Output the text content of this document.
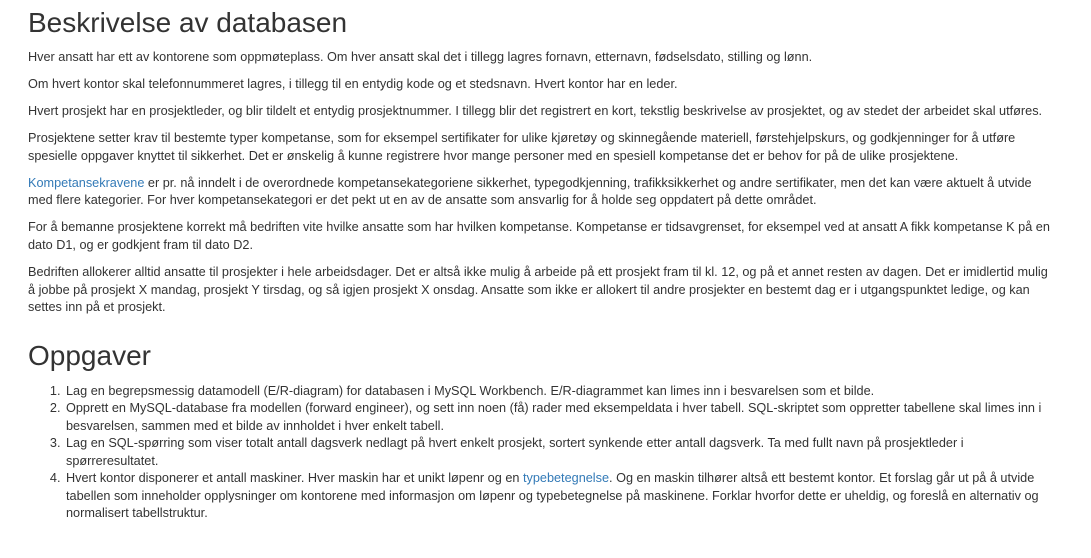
Beskrivelse av databasen

Hver ansatt har ett av kontorene som oppmøteplass. Om hver ansatt skal det i tillegg lagres fornavn, etternavn, fødselsdato, stilling og lønn.

Om hvert kontor skal telefonnummeret lagres, i tillegg til en entydig kode og et stedsnavn. Hvert kontor har en leder.

Hvert prosjekt har en prosjektleder, og blir tildelt et entydig prosjektnummer. I tillegg blir det registrert en kort, tekstlig beskrivelse av prosjektet, og av stedet der arbeidet skal utføres.

Prosjektene setter krav til bestemte typer kompetanse, som for eksempel sertifikater for ulike kjøretøy og skinnegående materiell, førstehjelpskurs, og godkjenninger for å utføre spesielle oppgaver knyttet til sikkerhet. Det er ønskelig å kunne registrere hvor mange personer med en spesiell kompetanse det er behov for på de ulike prosjektene.

Kompetansekravene er pr. nå inndelt i de overordnede kompetansekategoriene sikkerhet, typegodkjenning, trafikksikkerhet og andre sertifikater, men det kan være aktuelt å utvide med flere kategorier. For hver kompetansekategori er det pekt ut en av de ansatte som ansvarlig for å holde seg oppdatert på dette området.

For å bemanne prosjektene korrekt må bedriften vite hvilke ansatte som har hvilken kompetanse. Kompetanse er tidsavgrenset, for eksempel ved at ansatt A fikk kompetanse K på en dato D1, og er godkjent fram til dato D2.

Bedriften allokerer alltid ansatte til prosjekter i hele arbeidsdager. Det er altså ikke mulig å arbeide på ett prosjekt fram til kl. 12, og på et annet resten av dagen. Det er imidlertid mulig å jobbe på prosjekt X mandag, prosjekt Y tirsdag, og så igjen prosjekt X onsdag. Ansatte som ikke er allokert til andre prosjekter en bestemt dag er i utgangspunktet ledige, og kan settes inn på et prosjekt.

Oppgaver
1. Lag en begrepsmessig datamodell (E/R-diagram) for databasen i MySQL Workbench. E/R-diagrammet kan limes inn i besvarelsen som et bilde.
2. Opprett en MySQL-database fra modellen (forward engineer), og sett inn noen (få) rader med eksempeldata i hver tabell. SQL-skriptet som oppretter tabellene skal limes inn i besvarelsen, sammen med et bilde av innholdet i hver enkelt tabell.
3. Lag en SQL-spørring som viser totalt antall dagsverk nedlagt på hvert enkelt prosjekt, sortert synkende etter antall dagsverk. Ta med fullt navn på prosjektleder i spørreresultatet.
4. Hvert kontor disponerer et antall maskiner. Hver maskin har et unikt løpenr og en typebetegnelse. Og en maskin tilhører altså ett bestemt kontor. Et forslag går ut på å utvide tabellen som inneholder opplysninger om kontorene med informasjon om løpenr og typebetegnelse på maskinene. Forklar hvorfor dette er uheldig, og foreslå en alternativ og normalisert tabellstruktur.
